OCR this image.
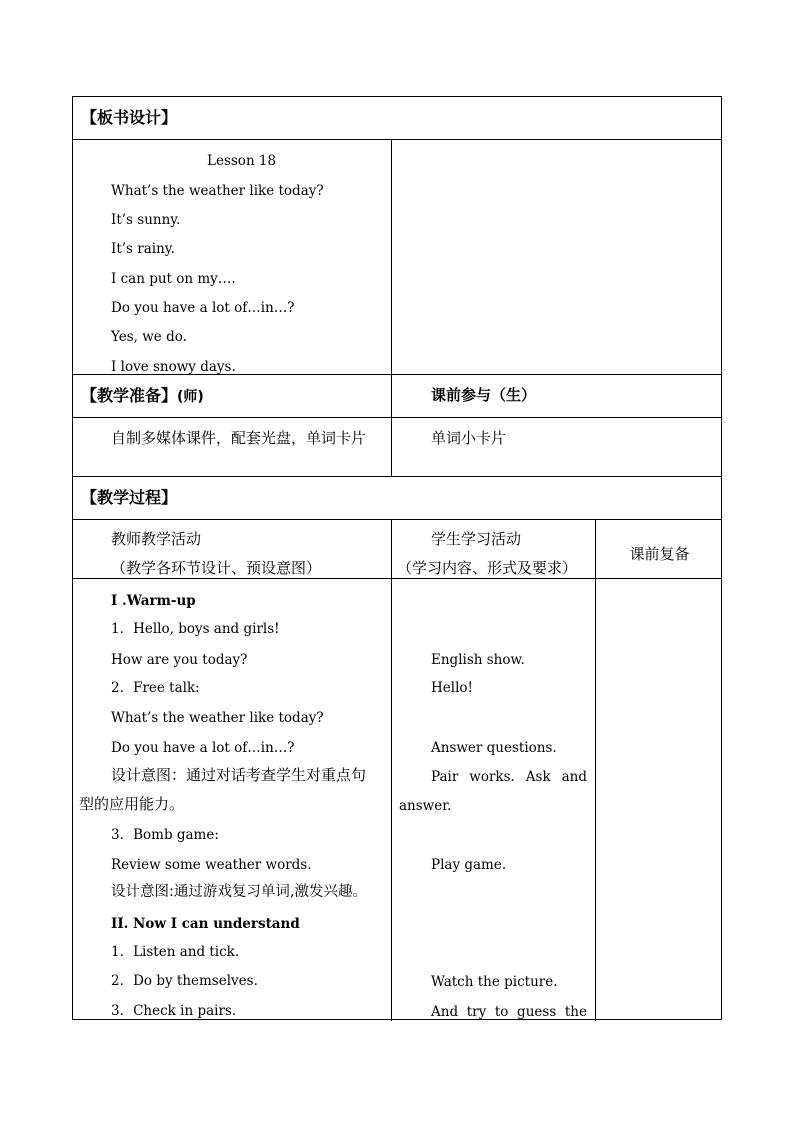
【板书设计】
Lesson 18
What’s the weather like today?
It’s sunny.
It’s rainy.
I can put on my….
Do you have a lot of…in…?
Yes, we do.
I love snowy days.
【教学准备】(师)	课前参与（生）
自制多媒体课件，配套光盘，单词卡片	单词小卡片
【教学过程】
教师教学活动
（教学各环节设计、预设意图）
学生学习活动
（学习内容、形式及要求）
课前复备
I .Warm-up
1．Hello, boys and girls!
How are you today?
2．Free talk:
What’s the weather like today?
Do you have a lot of…in…?
设计意图：通过对话考查学生对重点句
型的应用能力。
3．Bomb game:
Review some weather words.
设计意图:通过游戏复习单词,激发兴趣。
II. Now I can understand
1．Listen and tick.
2．Do by themselves.
3．Check in pairs.
English show.
Hello!
Answer questions.
Pair works. Ask and
answer.
Play game.
Watch the picture.
And try to guess the
